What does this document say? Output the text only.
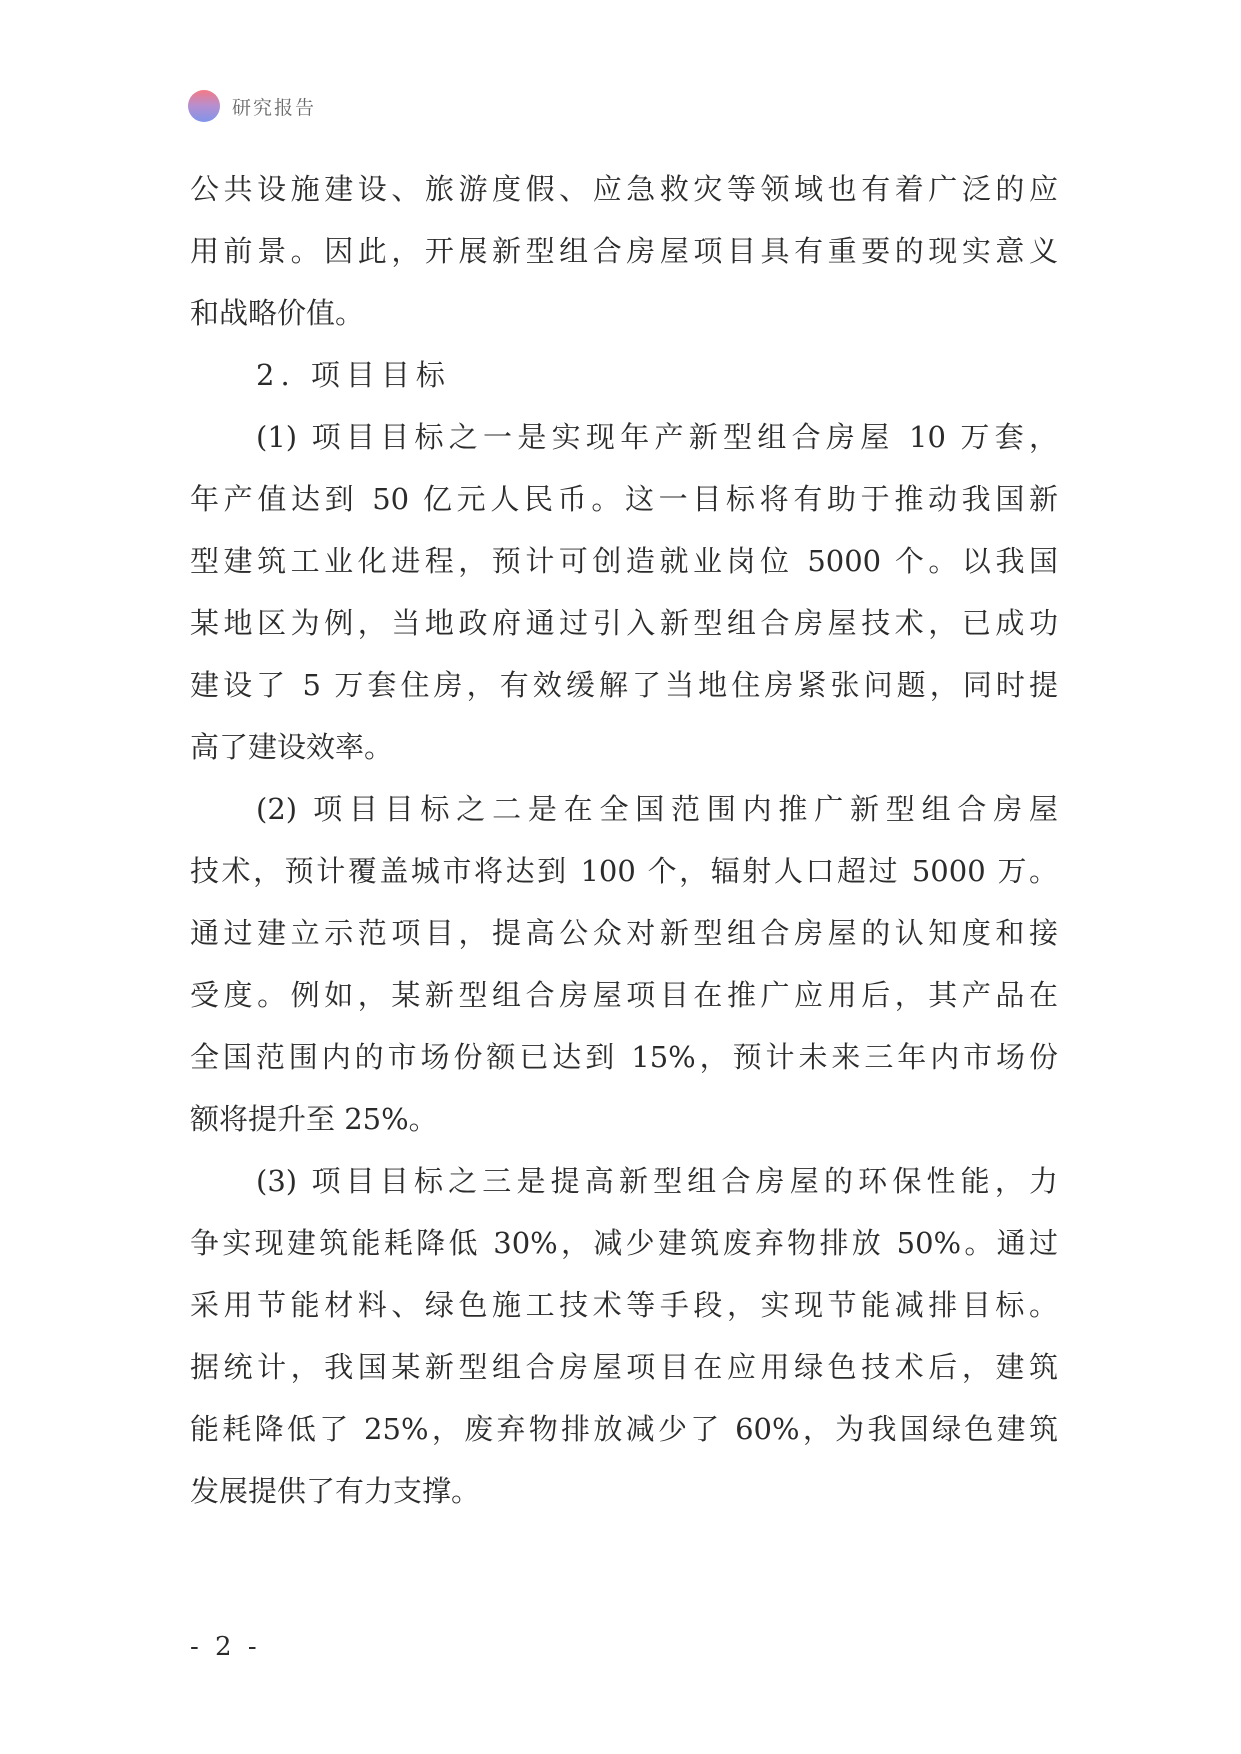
研究报告
公共设施建设、旅游度假、应急救灾等领域也有着广泛的应
用前景。因此，开展新型组合房屋项目具有重要的现实意义
和战略价值。
2. 项目目标
(1) 项目目标之一是实现年产新型组合房屋 10 万套，
年产值达到 50 亿元人民币。这一目标将有助于推动我国新
型建筑工业化进程，预计可创造就业岗位 5000 个。以我国
某地区为例，当地政府通过引入新型组合房屋技术，已成功
建设了 5 万套住房，有效缓解了当地住房紧张问题，同时提
高了建设效率。
(2) 项目目标之二是在全国范围内推广新型组合房屋
技术，预计覆盖城市将达到 100 个，辐射人口超过 5000 万。
通过建立示范项目，提高公众对新型组合房屋的认知度和接
受度。例如，某新型组合房屋项目在推广应用后，其产品在
全国范围内的市场份额已达到 15%，预计未来三年内市场份
额将提升至 25%。
(3) 项目目标之三是提高新型组合房屋的环保性能，力
争实现建筑能耗降低 30%，减少建筑废弃物排放 50%。通过
采用节能材料、绿色施工技术等手段，实现节能减排目标。
据统计，我国某新型组合房屋项目在应用绿色技术后，建筑
能耗降低了 25%，废弃物排放减少了 60%，为我国绿色建筑
发展提供了有力支撑。
- 2 -
